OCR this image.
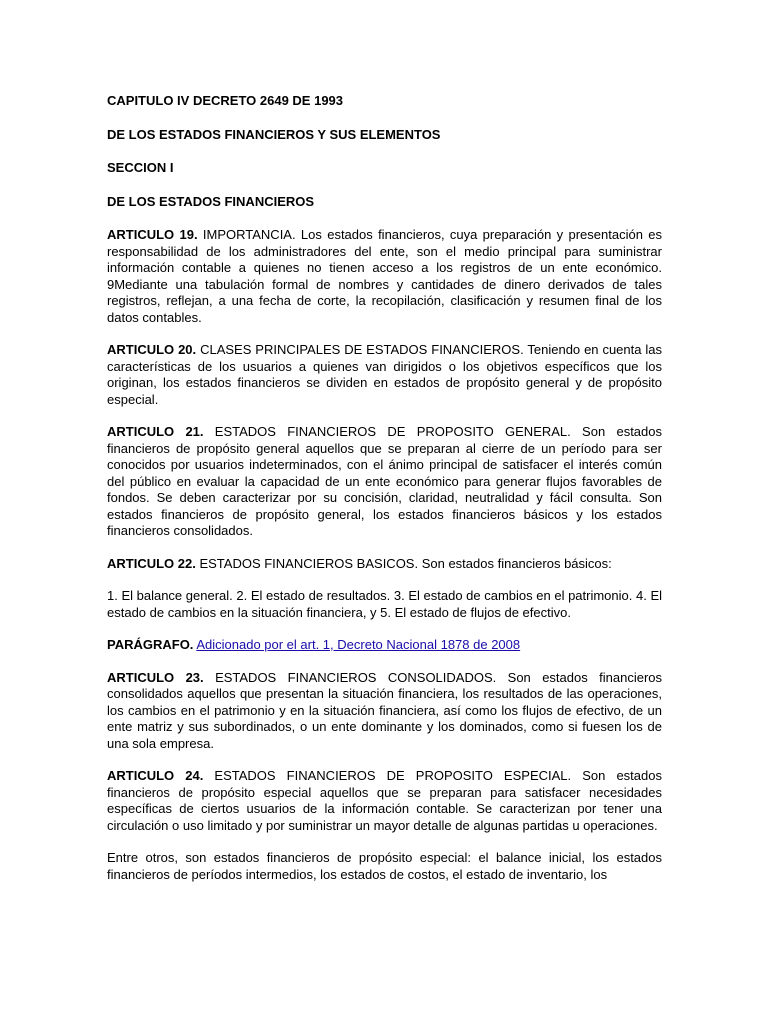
CAPITULO IV DECRETO 2649 DE 1993
DE LOS ESTADOS FINANCIEROS Y SUS ELEMENTOS
SECCION I
DE LOS ESTADOS FINANCIEROS

ARTICULO 19. IMPORTANCIA. Los estados financieros, cuya preparación y presentación es responsabilidad de los administradores del ente, son el medio principal para suministrar información contable a quienes no tienen acceso a los registros de un ente económico. 9Mediante una tabulación formal de nombres y cantidades de dinero derivados de tales registros, reflejan, a una fecha de corte, la recopilación, clasificación y resumen final de los datos contables.

ARTICULO 20. CLASES PRINCIPALES DE ESTADOS FINANCIEROS. Teniendo en cuenta las características de los usuarios a quienes van dirigidos o los objetivos específicos que los originan, los estados financieros se dividen en estados de propósito general y de propósito especial.

ARTICULO 21. ESTADOS FINANCIEROS DE PROPOSITO GENERAL. Son estados financieros de propósito general aquellos que se preparan al cierre de un período para ser conocidos por usuarios indeterminados, con el ánimo principal de satisfacer el interés común del público en evaluar la capacidad de un ente económico para generar flujos favorables de fondos. Se deben caracterizar por su concisión, claridad, neutralidad y fácil consulta. Son estados financieros de propósito general, los estados financieros básicos y los estados financieros consolidados.

ARTICULO 22. ESTADOS FINANCIEROS BASICOS. Son estados financieros básicos:

1. El balance general. 2. El estado de resultados. 3. El estado de cambios en el patrimonio. 4. El estado de cambios en la situación financiera, y 5. El estado de flujos de efectivo.

PARÁGRAFO. Adicionado por el art. 1, Decreto Nacional 1878 de 2008

ARTICULO 23. ESTADOS FINANCIEROS CONSOLIDADOS. Son estados financieros consolidados aquellos que presentan la situación financiera, los resultados de las operaciones, los cambios en el patrimonio y en la situación financiera, así como los flujos de efectivo, de un ente matriz y sus subordinados, o un ente dominante y los dominados, como si fuesen los de una sola empresa.

ARTICULO 24. ESTADOS FINANCIEROS DE PROPOSITO ESPECIAL. Son estados financieros de propósito especial aquellos que se preparan para satisfacer necesidades específicas de ciertos usuarios de la información contable. Se caracterizan por tener una circulación o uso limitado y por suministrar un mayor detalle de algunas partidas u operaciones.

Entre otros, son estados financieros de propósito especial: el balance inicial, los estados financieros de períodos intermedios, los estados de costos, el estado de inventario, los
